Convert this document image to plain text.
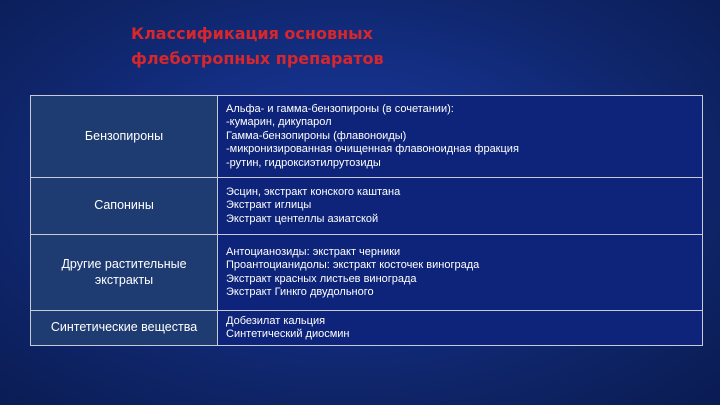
Классификация основных
флеботропных препаратов
Бензопироны	Альфа- и гамма-бензопироны (в сочетании):
-кумарин, дикупарол
Гамма-бензопироны (флавоноиды)
-микронизированная очищенная флавоноидная фракция
-рутин, гидроксиэтилрутозиды

Сапонины	Эсцин, экстракт конского каштана
Экстракт иглицы
Экстракт центеллы азиатской

Другие растительные экстракты	Антоцианозиды: экстракт черники
Проантоцианидолы: экстракт косточек винограда
Экстракт красных листьев винограда
Экстракт Гинкго двудольного

Синтетические вещества	Добезилат кальция
Синтетический диосмин
